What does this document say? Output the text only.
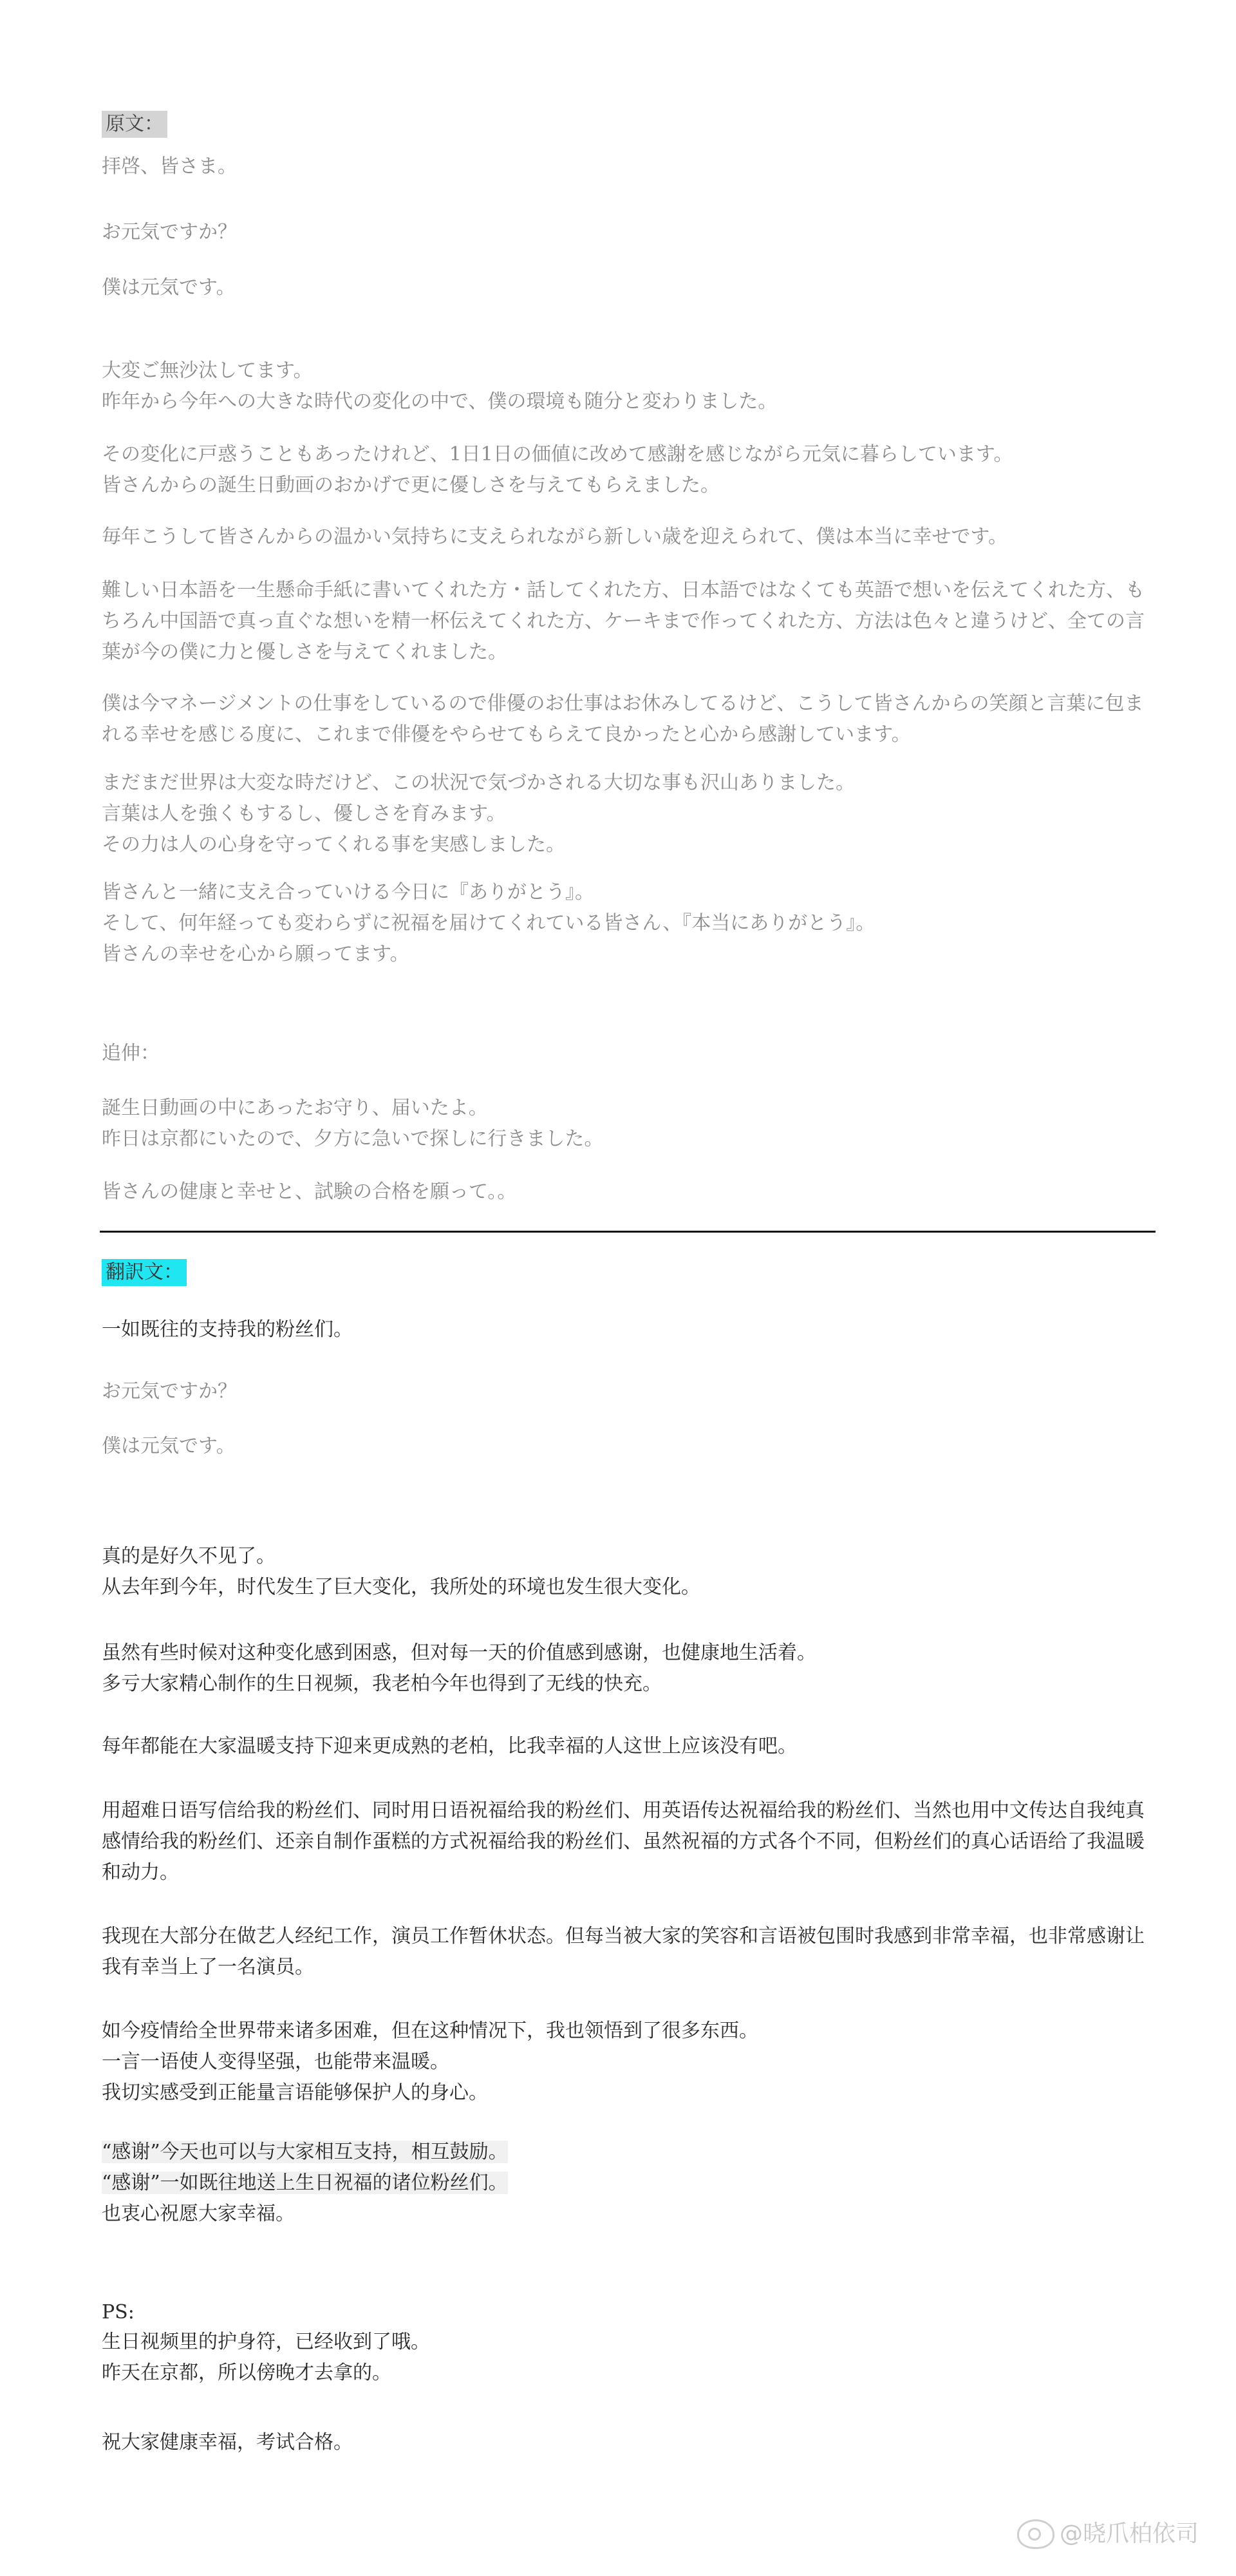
原文：
拝啓、皆さま。
お元気ですか？
僕は元気です。
大変ご無沙汰してます。
昨年から今年への大きな時代の変化の中で、僕の環境も随分と変わりました。
その変化に戸惑うこともあったけれど、1日1日の価値に改めて感謝を感じながら元気に暮らしています。
皆さんからの誕生日動画のおかげで更に優しさを与えてもらえました。
毎年こうして皆さんからの温かい気持ちに支えられながら新しい歳を迎えられて、僕は本当に幸せです。
難しい日本語を一生懸命手紙に書いてくれた方・話してくれた方、日本語ではなくても英語で想いを伝えてくれた方、もちろん中国語で真っ直ぐな想いを精一杯伝えてくれた方、ケーキまで作ってくれた方、方法は色々と違うけど、全ての言葉が今の僕に力と優しさを与えてくれました。
僕は今マネージメントの仕事をしているので俳優のお仕事はお休みしてるけど、こうして皆さんからの笑顔と言葉に包まれる幸せを感じる度に、これまで俳優をやらせてもらえて良かったと心から感謝しています。
まだまだ世界は大変な時だけど、この状況で気づかされる大切な事も沢山ありました。
言葉は人を強くもするし、優しさを育みます。
その力は人の心身を守ってくれる事を実感しました。
皆さんと一緒に支え合っていける今日に『ありがとう』。
そして、何年経っても変わらずに祝福を届けてくれている皆さん、『本当にありがとう』。
皆さんの幸せを心から願ってます。
追伸：
誕生日動画の中にあったお守り、届いたよ。
昨日は京都にいたので、夕方に急いで探しに行きました。
皆さんの健康と幸せと、試験の合格を願って。。
翻訳文：
一如既往的支持我的粉丝们。
お元気ですか？
僕は元気です。
真的是好久不见了。
从去年到今年，时代发生了巨大变化，我所处的环境也发生很大变化。
虽然有些时候对这种变化感到困惑，但对每一天的价值感到感谢，也健康地生活着。
多亏大家精心制作的生日视频，我老柏今年也得到了无线的快充。
每年都能在大家温暖支持下迎来更成熟的老柏，比我幸福的人这世上应该没有吧。
用超难日语写信给我的粉丝们、同时用日语祝福给我的粉丝们、用英语传达祝福给我的粉丝们、当然也用中文传达自我纯真感情给我的粉丝们、还亲自制作蛋糕的方式祝福给我的粉丝们、虽然祝福的方式各个不同，但粉丝们的真心话语给了我温暖和动力。
我现在大部分在做艺人经纪工作，演员工作暂休状态。但每当被大家的笑容和言语被包围时我感到非常幸福，也非常感谢让我有幸当上了一名演员。
如今疫情给全世界带来诸多困难，但在这种情况下，我也领悟到了很多东西。
一言一语使人变得坚强，也能带来温暖。
我切实感受到正能量言语能够保护人的身心。
“感谢”今天也可以与大家相互支持，相互鼓励。
“感谢”一如既往地送上生日祝福的诸位粉丝们。
也衷心祝愿大家幸福。
PS:
生日视频里的护身符，已经收到了哦。
昨天在京都，所以傍晚才去拿的。
祝大家健康幸福，考试合格。
@晓爪柏依司
